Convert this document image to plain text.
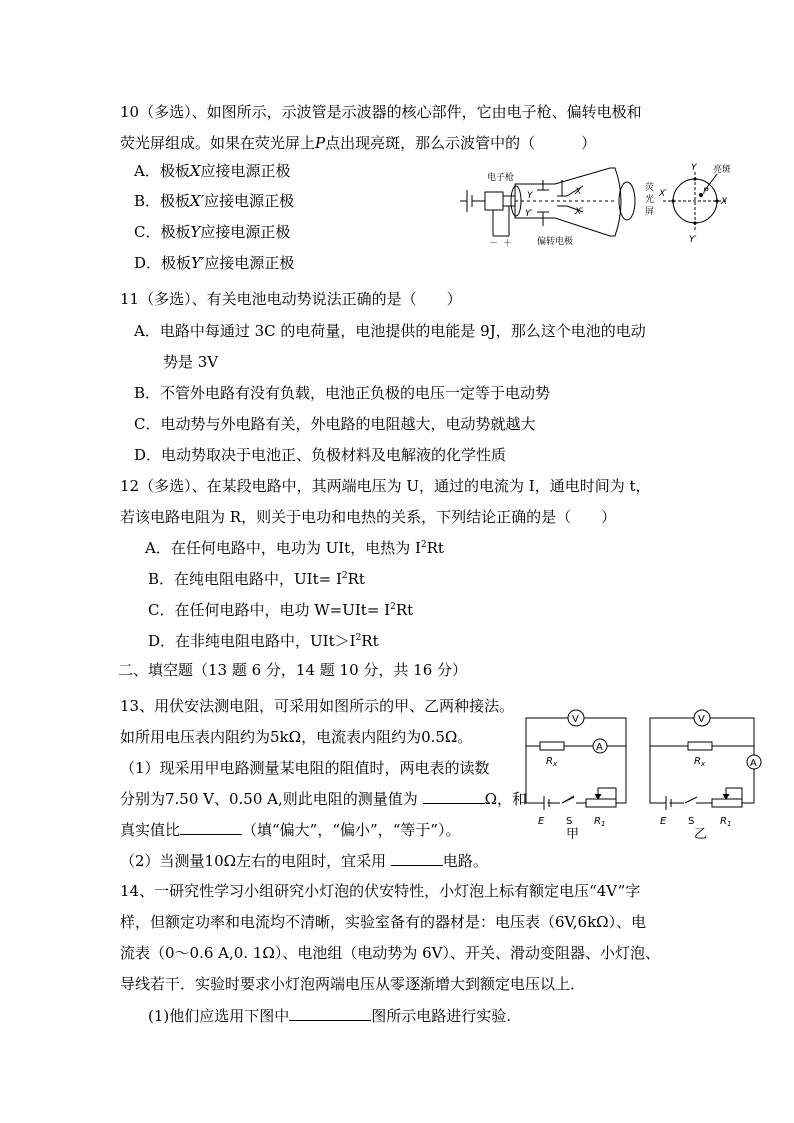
10（多选）、如图所示，示波管是示波器的核心部件，它由电子枪、偏转电极和
荧光屏组成。如果在荧光屏上P点出现亮斑，那么示波管中的（	）
A．极板X应接电源正极
B．极板X′应接电源正极
C．极板Y应接电源正极
D．极板Y′应接电源正极
电子枪
偏转电极
－ ＋
Y
Y′
X
X′
荧
光
屏
Y
Y′
X′
X
P
亮斑
11（多选）、有关电池电动势说法正确的是（　　）
A．电路中每通过 3C 的电荷量，电池提供的电能是 9J，那么这个电池的电动
势是 3V
B．不管外电路有没有负载，电池正负极的电压一定等于电动势
C．电动势与外电路有关，外电路的电阻越大，电动势就越大
D．电动势取决于电池正、负极材料及电解液的化学性质
12（多选）、在某段电路中，其两端电压为 U，通过的电流为 I，通电时间为 t，
若该电路电阻为 R，则关于电功和电热的关系，下列结论正确的是（　　）
A．在任何电路中，电功为 UIt，电热为 $I^2Rt$
B．在纯电阻电路中，$UIt= I^2Rt$
C．在任何电路中，电功 $W=UIt= I^2Rt$
D．在非纯电阻电路中，$UIt>I^2Rt$
二、填空题（13 题 6 分，14 题 10 分，共 16 分）
13、用伏安法测电阻，可采用如图所示的甲、乙两种接法。
如所用电压表内阻约为5kΩ，电流表内阻约为0.5Ω。
（1）现采用甲电路测量某电阻的阻值时，两电表的读数
分别为7.50 V、0.50 A,则此电阻的测量值为	Ω，和
真实值比	（填“偏大”，“偏小”，“等于”）。
（2）当测量10Ω左右的电阻时，宜采用	电路。
V
A
$R_x$
E S $R_1$
甲
V
A
$R_x$
E S	$R_1$
乙
14、一研究性学习小组研究小灯泡的伏安特性，小灯泡上标有额定电压“4V”字
样，但额定功率和电流均不清晰，实验室备有的器材是：电压表（6V,6kΩ）、电
流表（0～0.6 A,0. 1Ω）、电池组（电动势为 6V）、开关、滑动变阻器、小灯泡、
导线若干．实验时要求小灯泡两端电压从零逐渐增大到额定电压以上．
(1)他们应选用下图中	图所示电路进行实验.
